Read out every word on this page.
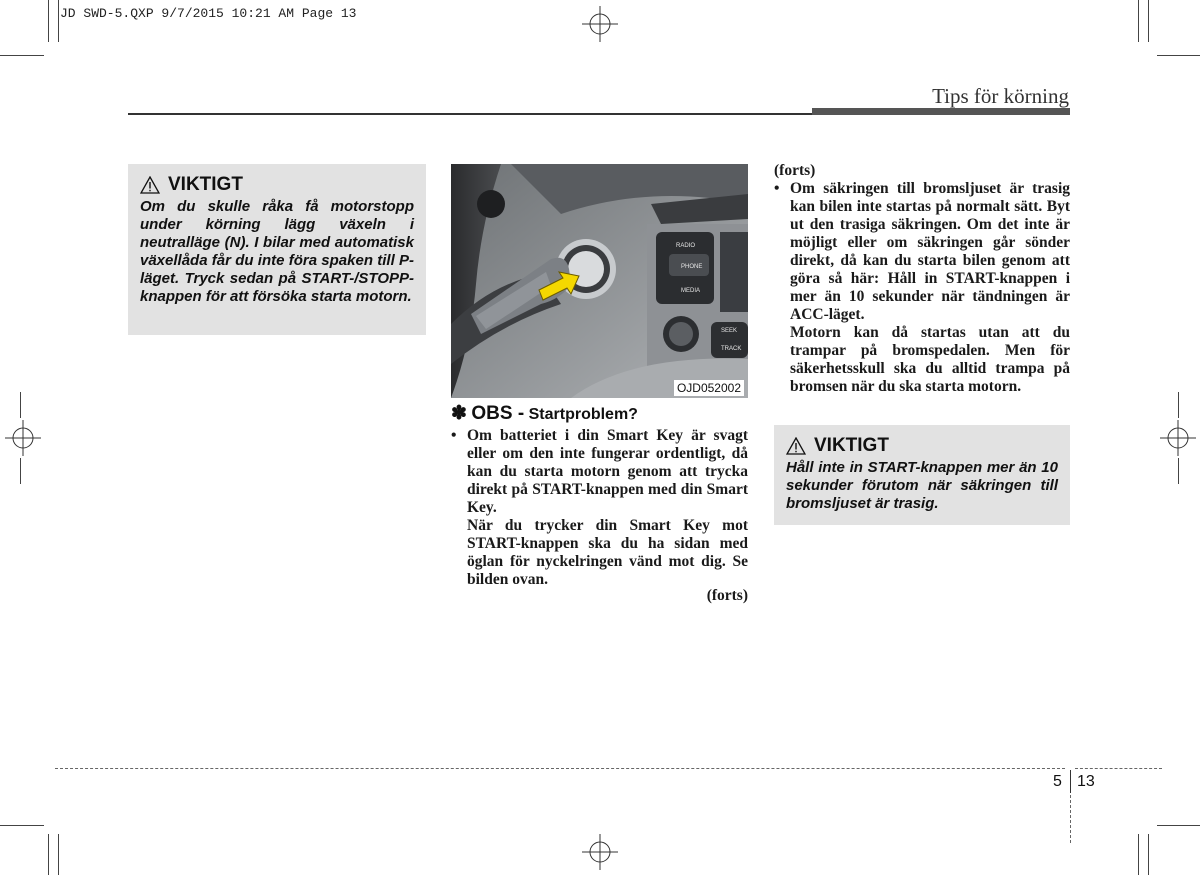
JD SWD-5.QXP 9/7/2015 10:21 AM Page 13
Tips för körning
VIKTIGT

Om du skulle råka få motorstopp under körning lägg växeln i neutralläge (N). I bilar med automatisk växellåda får du inte föra spaken till P-läget. Tryck sedan på START-/STOPP-knappen för att försöka starta motorn.

RADIO
PHONE
MEDIA
SEEK
TRACK
OJD052002
✽ OBS - Startproblem?
• Om batteriet i din Smart Key är svagt eller om den inte fungerar ordentligt, då kan du starta motorn genom att trycka direkt på START-knappen med din Smart Key.

När du trycker din Smart Key mot START-knappen ska du ha sidan med öglan för nyckelringen vänd mot dig. Se bilden ovan.

(forts)
(forts)
• Om säkringen till bromsljuset är trasig kan bilen inte startas på normalt sätt. Byt ut den trasiga säkringen. Om det inte är möjligt eller om säkringen går sönder direkt, då kan du starta bilen genom att göra så här: Håll in START-knappen i mer än 10 sekunder när tändningen är ACC-läget.

Motorn kan då startas utan att du trampar på bromspedalen. Men för säkerhetsskull ska du alltid trampa på bromsen när du ska starta motorn.

VIKTIGT

Håll inte in START-knappen mer än 10 sekunder förutom när säkringen till bromsljuset är trasig.

5 13
